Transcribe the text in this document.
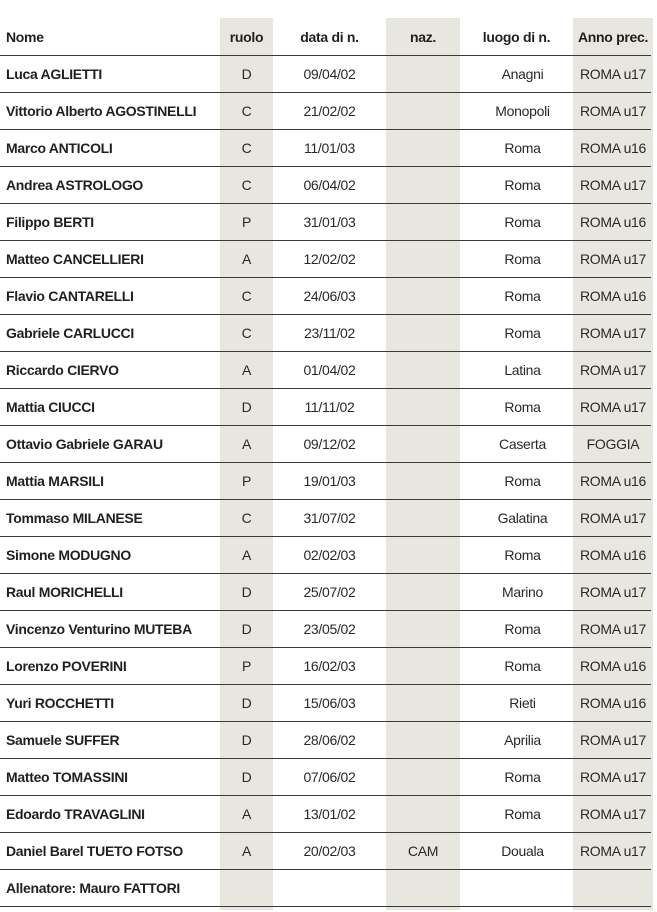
Nome	ruolo	data di n.	naz.	luogo di n.	Anno prec.
Luca AGLIETTI	D	09/04/02		Anagni	ROMA u17
Vittorio Alberto AGOSTINELLI	C	21/02/02		Monopoli	ROMA u17
Marco ANTICOLI	C	11/01/03		Roma	ROMA u16
Andrea ASTROLOGO	C	06/04/02		Roma	ROMA u17
Filippo BERTI	P	31/01/03		Roma	ROMA u16
Matteo CANCELLIERI	A	12/02/02		Roma	ROMA u17
Flavio CANTARELLI	C	24/06/03		Roma	ROMA u16
Gabriele CARLUCCI	C	23/11/02		Roma	ROMA u17
Riccardo CIERVO	A	01/04/02		Latina	ROMA u17
Mattia CIUCCI	D	11/11/02		Roma	ROMA u17
Ottavio Gabriele GARAU	A	09/12/02		Caserta	FOGGIA
Mattia MARSILI	P	19/01/03		Roma	ROMA u16
Tommaso MILANESE	C	31/07/02		Galatina	ROMA u17
Simone MODUGNO	A	02/02/03		Roma	ROMA u16
Raul MORICHELLI	D	25/07/02		Marino	ROMA u17
Vincenzo Venturino MUTEBA	D	23/05/02		Roma	ROMA u17
Lorenzo POVERINI	P	16/02/03		Roma	ROMA u16
Yuri ROCCHETTI	D	15/06/03		Rieti	ROMA u16
Samuele SUFFER	D	28/06/02		Aprilia	ROMA u17
Matteo TOMASSINI	D	07/06/02		Roma	ROMA u17
Edoardo TRAVAGLINI	A	13/01/02		Roma	ROMA u17
Daniel Barel TUETO FOTSO	A	20/02/03	CAM	Douala	ROMA u17
Allenatore: Mauro FATTORI					
